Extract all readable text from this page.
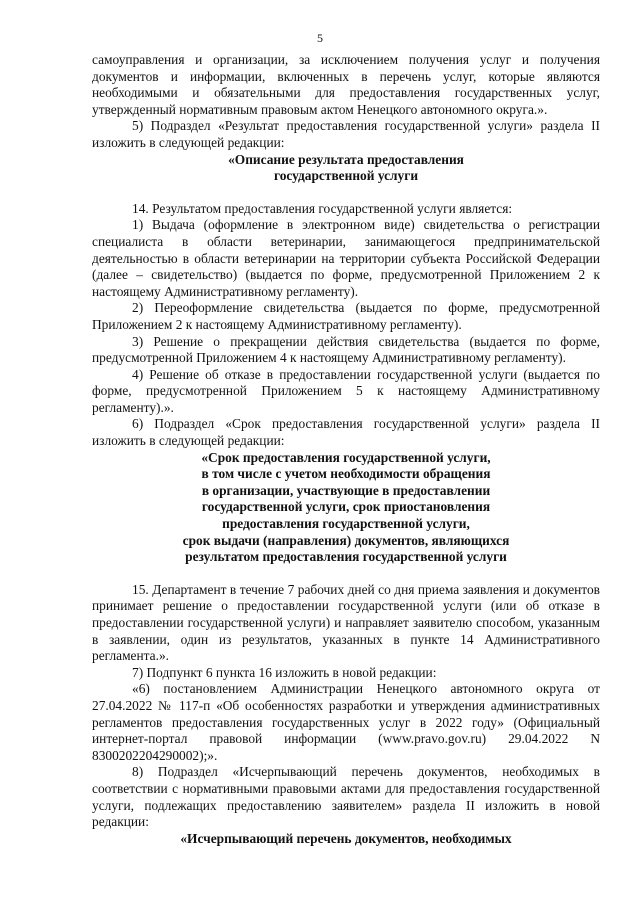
5

самоуправления и организации, за исключением получения услуг и получения документов и информации, включенных в перечень услуг, которые являются необходимыми и обязательными для предоставления государственных услуг, утвержденный нормативным правовым актом Ненецкого автономного округа.».

5) Подраздел «Результат предоставления государственной услуги» раздела II изложить в следующей редакции:

«Описание результата предоставления
государственной услуги

14. Результатом предоставления государственной услуги является:

1) Выдача (оформление в электронном виде) свидетельства о регистрации специалиста в области ветеринарии, занимающегося предпринимательской деятельностью в области ветеринарии на территории субъекта Российской Федерации (далее – свидетельство) (выдается по форме, предусмотренной Приложением 2 к настоящему Административному регламенту).

2) Переоформление свидетельства (выдается по форме, предусмотренной Приложением 2 к настоящему Административному регламенту).

3) Решение о прекращении действия свидетельства (выдается по форме, предусмотренной Приложением 4 к настоящему Административному регламенту).

4) Решение об отказе в предоставлении государственной услуги (выдается по форме, предусмотренной Приложением 5 к настоящему Административному регламенту).».

6) Подраздел «Срок предоставления государственной услуги» раздела II изложить в следующей редакции:

«Срок предоставления государственной услуги,
в том числе с учетом необходимости обращения
в организации, участвующие в предоставлении
государственной услуги, срок приостановления
предоставления государственной услуги,
срок выдачи (направления) документов, являющихся
результатом предоставления государственной услуги

15. Департамент в течение 7 рабочих дней со дня приема заявления и документов принимает решение о предоставлении государственной услуги (или об отказе в предоставлении государственной услуги) и направляет заявителю способом, указанным в заявлении, один из результатов, указанных в пункте 14 Административного регламента.».

7) Подпункт 6 пункта 16 изложить в новой редакции:

«6) постановлением Администрации Ненецкого автономного округа от 27.04.2022 № 117-п «Об особенностях разработки и утверждения административных регламентов предоставления государственных услуг в 2022 году» (Официальный интернет-портал правовой информации (www.pravo.gov.ru) 29.04.2022 N 8300202204290002);».

8) Подраздел «Исчерпывающий перечень документов, необходимых в соответствии с нормативными правовыми актами для предоставления государственной услуги, подлежащих предоставлению заявителем» раздела II изложить в новой редакции:

«Исчерпывающий перечень документов, необходимых
